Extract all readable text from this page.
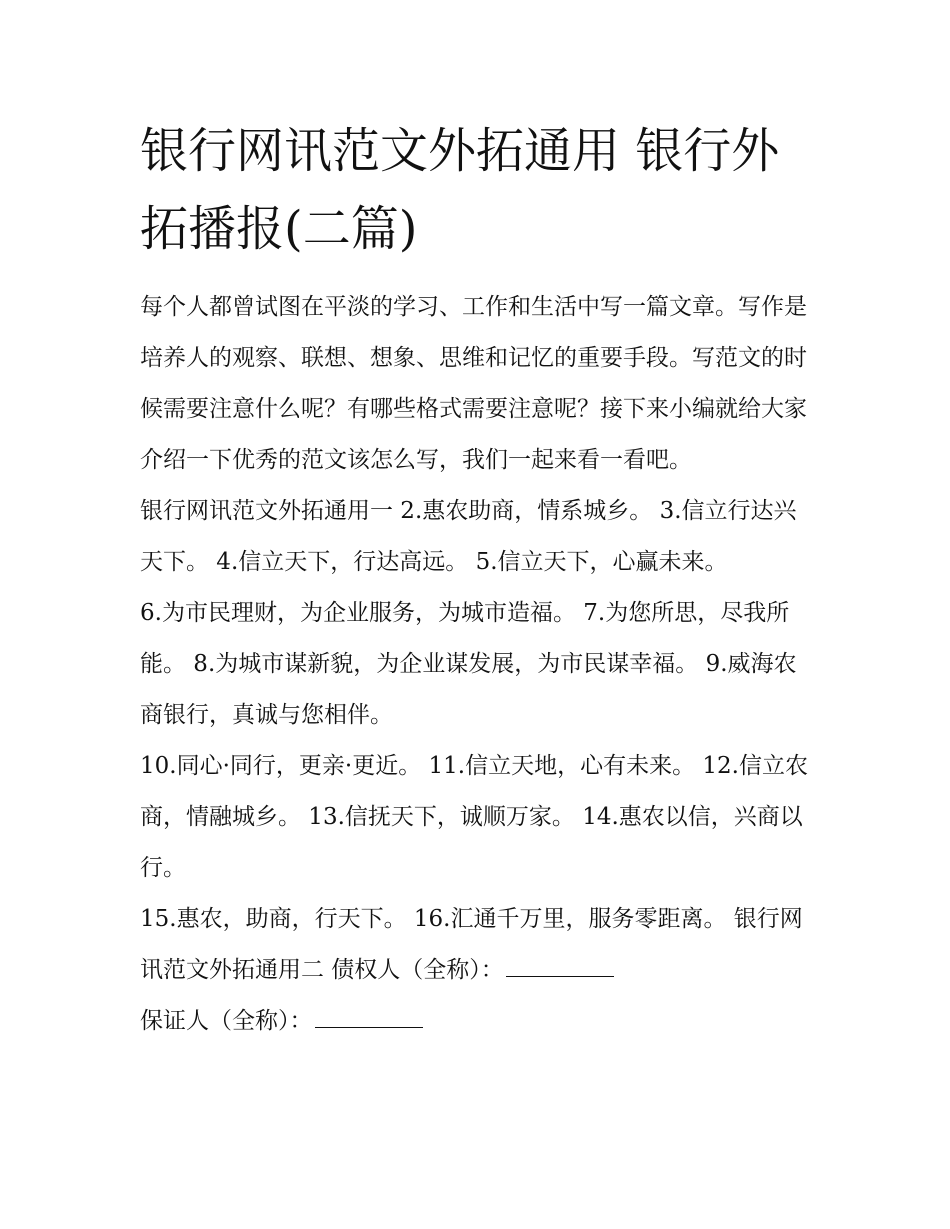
银行网讯范文外拓通用 银行外拓播报(二篇)

每个人都曾试图在平淡的学习、工作和生活中写一篇文章。写作是培养人的观察、联想、想象、思维和记忆的重要手段。写范文的时候需要注意什么呢？有哪些格式需要注意呢？接下来小编就给大家介绍一下优秀的范文该怎么写，我们一起来看一看吧。

银行网讯范文外拓通用一 2.惠农助商，情系城乡。 3.信立行达兴天下。 4.信立天下，行达高远。 5.信立天下，心赢未来。

6.为市民理财，为企业服务，为城市造福。 7.为您所思，尽我所能。 8.为城市谋新貌，为企业谋发展，为市民谋幸福。 9.威海农商银行，真诚与您相伴。

10.同心·同行，更亲·更近。 11.信立天地，心有未来。 12.信立农商，情融城乡。 13.信抚天下，诚顺万家。 14.惠农以信，兴商以行。

15.惠农，助商，行天下。 16.汇通千万里，服务零距离。 银行网讯范文外拓通用二 债权人（全称）：

保证人（全称）：
